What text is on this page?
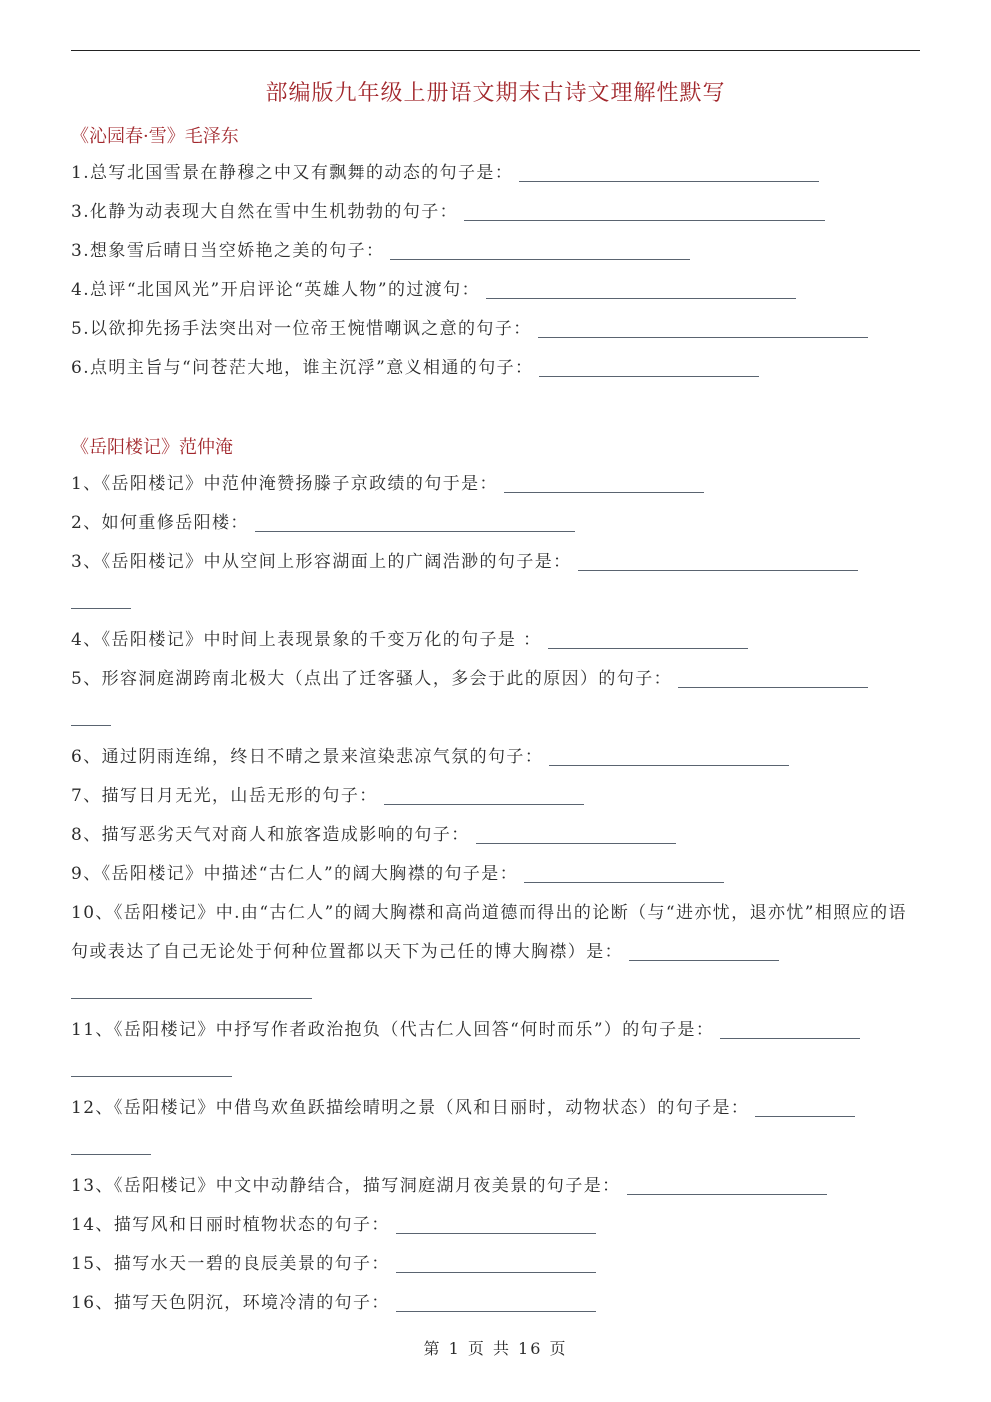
部编版九年级上册语文期末古诗文理解性默写
《沁园春·雪》毛泽东
1.总写北国雪景在静穆之中又有飘舞的动态的句子是：
3.化静为动表现大自然在雪中生机勃勃的句子：
3.想象雪后晴日当空娇艳之美的句子：
4.总评“北国风光”开启评论“英雄人物”的过渡句：
5.以欲抑先扬手法突出对一位帝王惋惜嘲讽之意的句子：
6.点明主旨与“问苍茫大地，谁主沉浮”意义相通的句子：
《岳阳楼记》范仲淹
1、《岳阳楼记》中范仲淹赞扬滕子京政绩的句于是：
2、如何重修岳阳楼：
3、《岳阳楼记》中从空间上形容湖面上的广阔浩渺的句子是：
4、《岳阳楼记》中时间上表现景象的千变万化的句子是 ：
5、形容洞庭湖跨南北极大（点出了迁客骚人，多会于此的原因）的句子：
6、通过阴雨连绵，终日不晴之景来渲染悲凉气氛的句子：
7、描写日月无光，山岳无形的句子：
8、描写恶劣天气对商人和旅客造成影响的句子：
9、《岳阳楼记》中描述“古仁人”的阔大胸襟的句子是：
10、《岳阳楼记》中.由“古仁人”的阔大胸襟和高尚道德而得出的论断（与“进亦忧，退亦忧”相照应的语句或表达了自己无论处于何种位置都以天下为己任的博大胸襟）是：
11、《岳阳楼记》中抒写作者政治抱负（代古仁人回答“何时而乐”）的句子是：
12、《岳阳楼记》中借鸟欢鱼跃描绘晴明之景（风和日丽时，动物状态）的句子是：
13、《岳阳楼记》中文中动静结合，描写洞庭湖月夜美景的句子是：
14、描写风和日丽时植物状态的句子：
15、描写水天一碧的良辰美景的句子：
16、描写天色阴沉，环境冷清的句子：
第 1 页 共 16 页
